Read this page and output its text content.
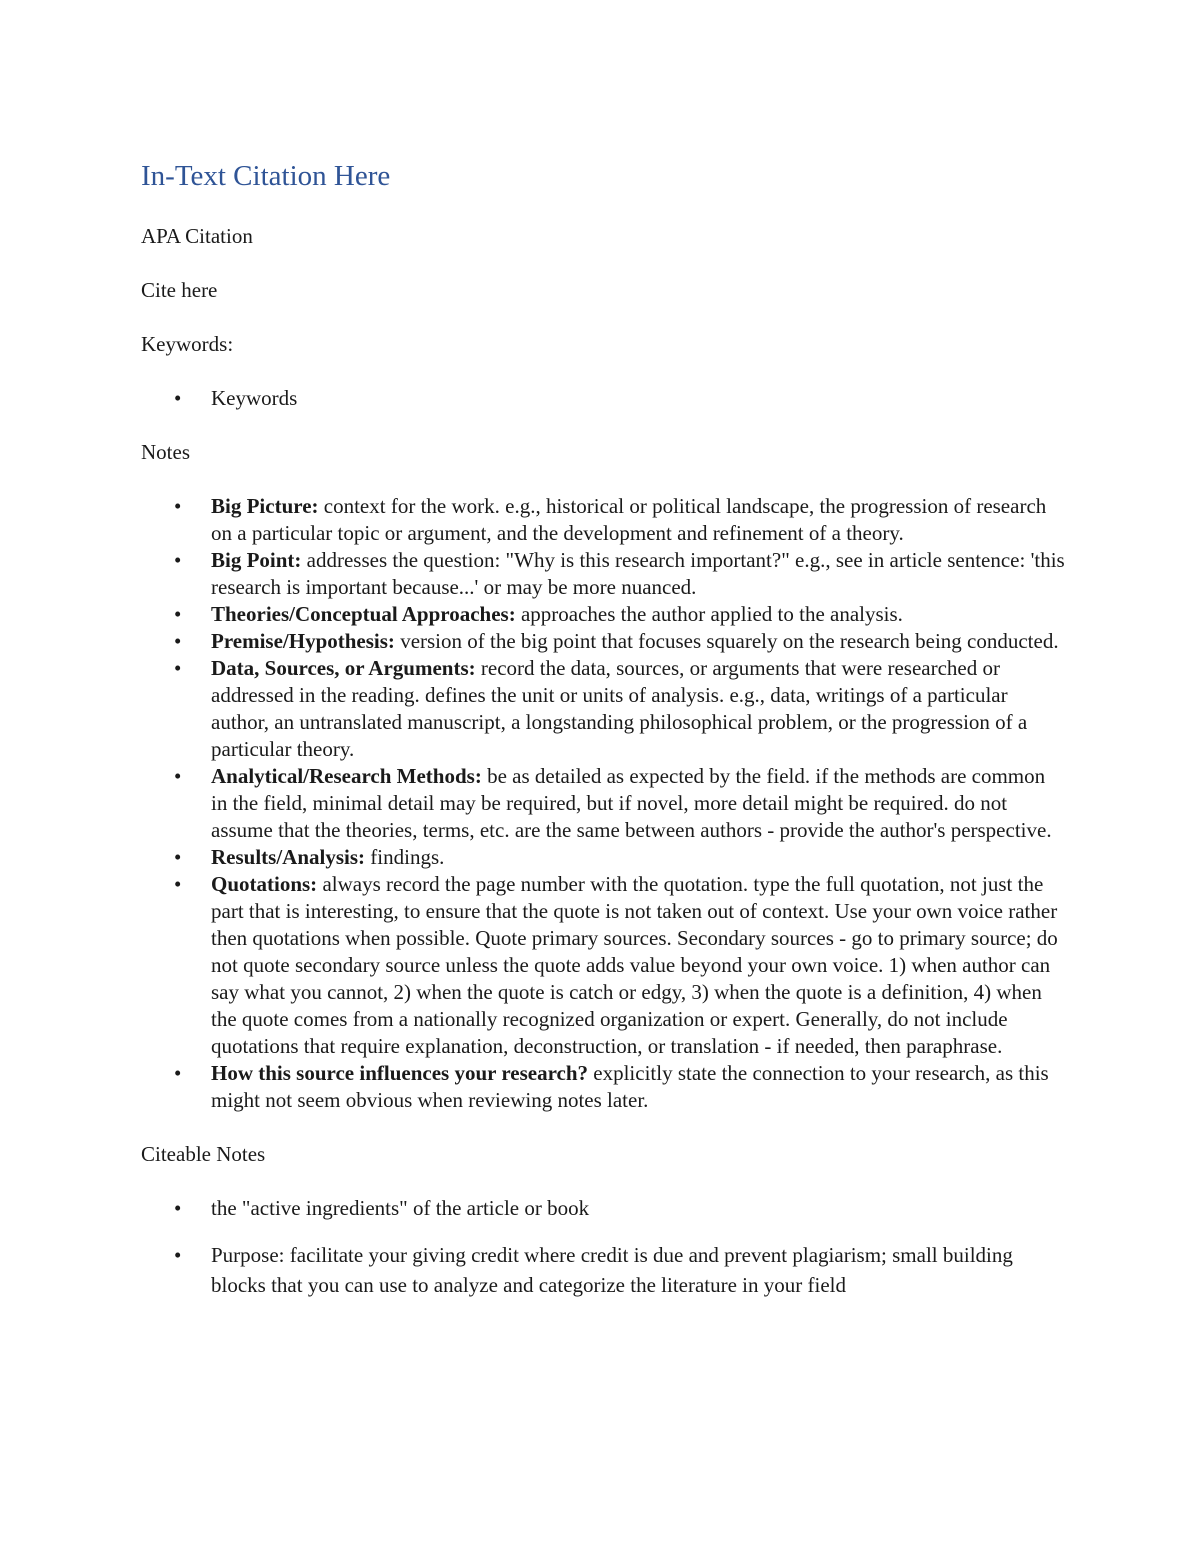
In-Text Citation Here

APA Citation

Cite here

Keywords:

• Keywords

Notes

• Big Picture: context for the work. e.g., historical or political landscape, the progression of research on a particular topic or argument, and the development and refinement of a theory.
• Big Point: addresses the question: "Why is this research important?" e.g., see in article sentence: 'this research is important because...' or may be more nuanced.
• Theories/Conceptual Approaches: approaches the author applied to the analysis.
• Premise/Hypothesis: version of the big point that focuses squarely on the research being conducted.
• Data, Sources, or Arguments: record the data, sources, or arguments that were researched or addressed in the reading. defines the unit or units of analysis. e.g., data, writings of a particular author, an untranslated manuscript, a longstanding philosophical problem, or the progression of a particular theory.
• Analytical/Research Methods: be as detailed as expected by the field. if the methods are common in the field, minimal detail may be required, but if novel, more detail might be required. do not assume that the theories, terms, etc. are the same between authors - provide the author's perspective.
• Results/Analysis: findings.
• Quotations: always record the page number with the quotation. type the full quotation, not just the part that is interesting, to ensure that the quote is not taken out of context. Use your own voice rather then quotations when possible. Quote primary sources. Secondary sources - go to primary source; do not quote secondary source unless the quote adds value beyond your own voice. 1) when author can say what you cannot, 2) when the quote is catch or edgy, 3) when the quote is a definition, 4) when the quote comes from a nationally recognized organization or expert. Generally, do not include quotations that require explanation, deconstruction, or translation - if needed, then paraphrase.
• How this source influences your research? explicitly state the connection to your research, as this might not seem obvious when reviewing notes later.

Citeable Notes

• the "active ingredients" of the article or book
• Purpose: facilitate your giving credit where credit is due and prevent plagiarism; small building blocks that you can use to analyze and categorize the literature in your field
